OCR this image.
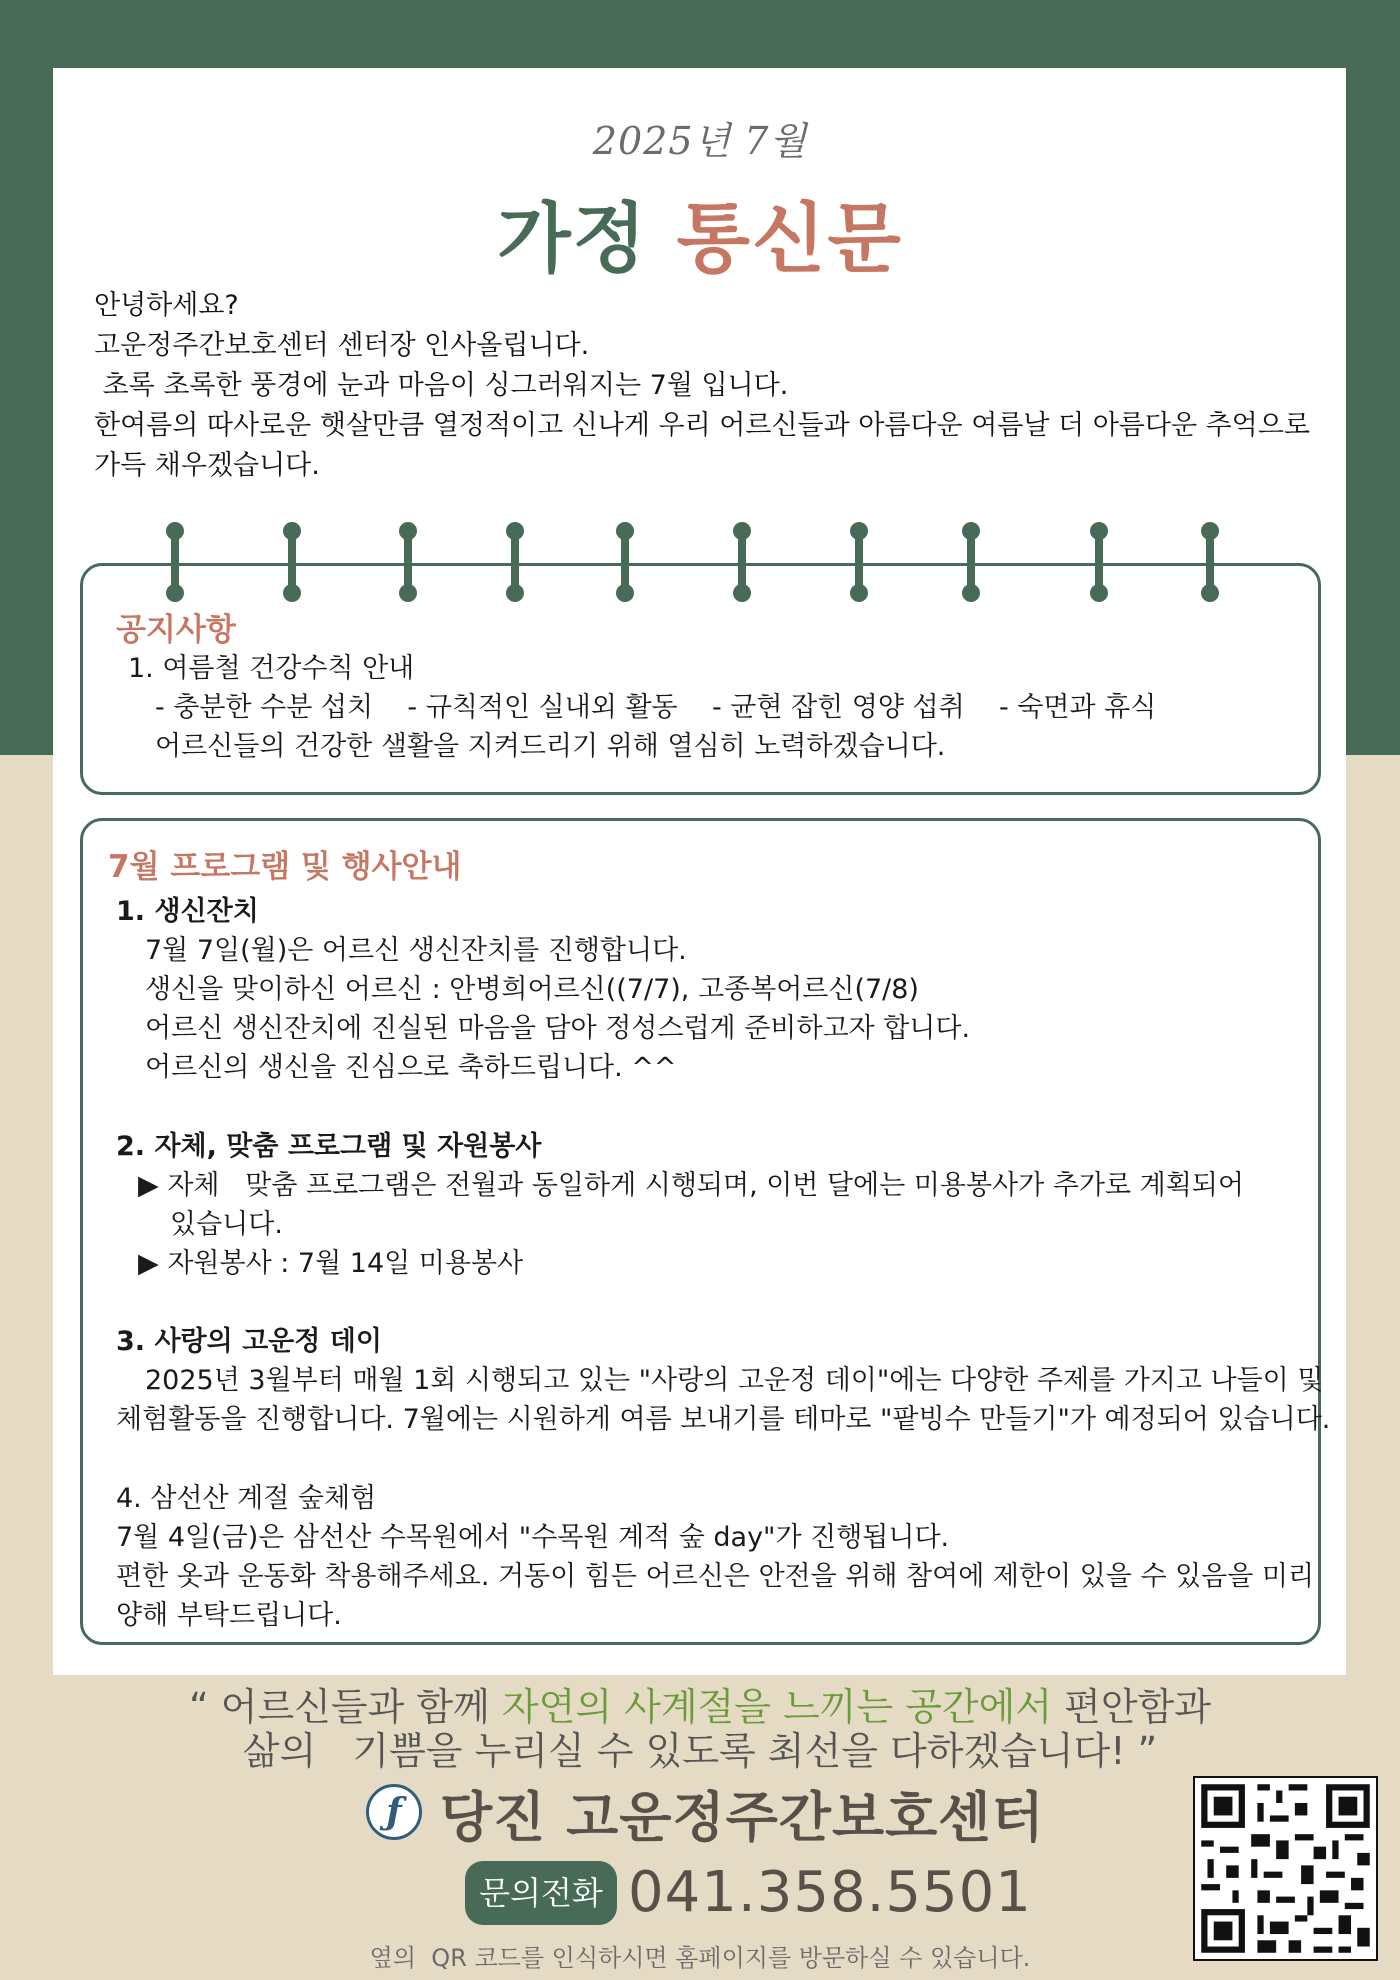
2025년 7월
가정 통신문

안녕하세요?

고운정주간보호센터 센터장 인사올립니다.

초록 초록한 풍경에 눈과 마음이 싱그러워지는 7월 입니다.

한여름의 따사로운 햇살만큼 열정적이고 신나게 우리 어르신들과 아름다운 여름날 더 아름다운 추억으로

가득 채우겠습니다.

공지사항
1. 여름철 건강수칙 안내
- 충분한 수분 섭치    - 규칙적인 실내외 활동    - 균현 잡힌 영양 섭취    - 숙면과 휴식
어르신들의 건강한 샐활을 지켜드리기 위해 열심히 노력하겠습니다.
7월 프로그램 및 행사안내
1. 생신잔치
7월 7일(월)은 어르신 생신잔치를 진행합니다.
생신을 맞이하신 어르신 : 안병희어르신((7/7), 고종복어르신(7/8)
어르신 생신잔치에 진실된 마음을 담아 정성스럽게 준비하고자 합니다.
어르신의 생신을 진심으로 축하드립니다. ^^
2. 자체, 맞춤 프로그램 및 자원봉사
▶ 자체   맞춤 프로그램은 전월과 동일하게 시행되며, 이번 달에는 미용봉사가 추가로 계획되어
있습니다.
▶ 자원봉사 : 7월 14일 미용봉사
3. 사랑의 고운정 데이
2025년 3월부터 매월 1회 시행되고 있는 "사랑의 고운정 데이"에는 다양한 주제를 가지고 나들이 및
체험활동을 진행합니다. 7월에는 시원하게 여름 보내기를 테마로 "팥빙수 만들기"가 예정되어 있습니다.
4. 삼선산 계절 숲체험
7월 4일(금)은 삼선산 수목원에서 "수목원 계적 숲 day"가 진행됩니다.
편한 옷과 운동화 착용해주세요. 거동이 힘든 어르신은 안전을 위해 참여에 제한이 있을 수 있음을 미리
양해 부탁드립니다.
“ 어르신들과 함께 자연의 사계절을 느끼는 공간에서 편안함과
삶의   기쁨을 누리실 수 있도록 최선을 다하겠습니다! ”
ƒ 당진 고운정주간보호센터
문의전화 041.358.5501
옆의  QR 코드를 인식하시면 홈페이지를 방문하실 수 있습니다.
